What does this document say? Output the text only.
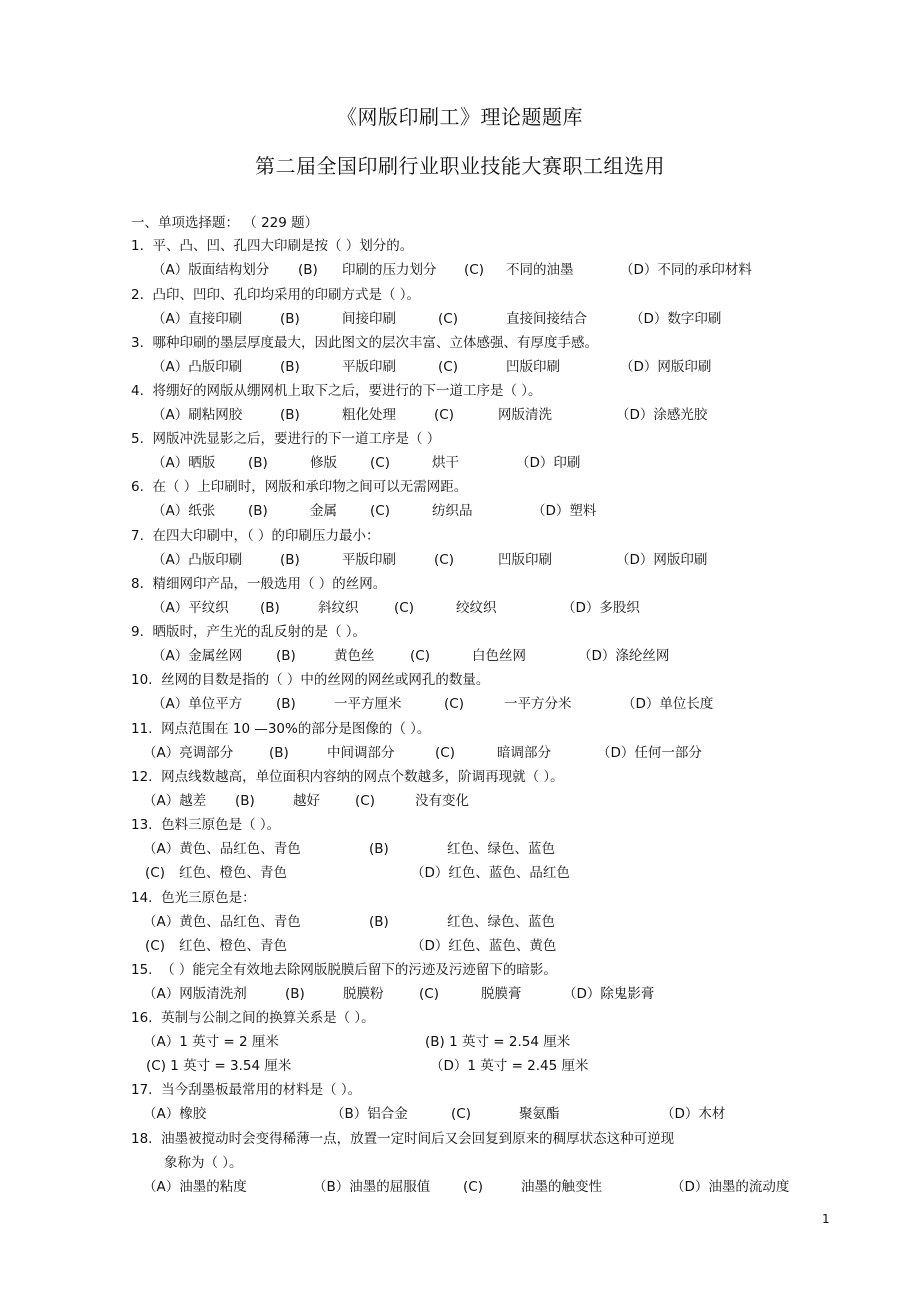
《网版印刷工》理论题题库
第二届全国印刷行业职业技能大赛职工组选用
一、单项选择题： （ 229 题）
1. 平、凸、凹、孔四大印刷是按（ ）划分的。
（A）版面结构划分 (B) 印刷的压力划分 (C) 不同的油墨	（D）不同的承印材料
2. 凸印、凹印、孔印均采用的印刷方式是（ ）。
（A）直接印刷	(B)	间接印刷	(C)	直接间接结合	（D）数字印刷
3. 哪种印刷的墨层厚度最大，因此图文的层次丰富、立体感强、有厚度手感。
（A）凸版印刷	(B)	平版印刷	(C)	凹版印刷	（D）网版印刷
4. 将绷好的网版从绷网机上取下之后，要进行的下一道工序是（ ）。
（A）刷粘网胶	(B)	粗化处理	(C)	网版清洗	（D）涂感光胶
5. 网版冲洗显影之后，要进行的下一道工序是（ ）
（A）晒版 (B)	修版 (C)	烘干	（D）印刷
6. 在（ ）上印刷时，网版和承印物之间可以无需网距。
（A）纸张 (B)	金属 (C)	纺织品	（D）塑料
7. 在四大印刷中，（ ）的印刷压力最小：
（A）凸版印刷	(B)	平版印刷	(C)	凹版印刷	（D）网版印刷
8. 精细网印产品，一般选用（ ）的丝网。
（A）平纹织 (B)	斜纹织	(C)	绞纹织	（D）多股织
9. 晒版时，产生光的乱反射的是（ ）。
（A）金属丝网	(B)	黄色丝	(C)	白色丝网	（D）涤纶丝网
10. 丝网的目数是指的（ ）中的丝网的网丝或网孔的数量。
（A）单位平方	(B)	一平方厘米	(C)	一平方分米	（D）单位长度
11. 网点范围在 10 —30%的部分是图像的（ ）。
（A）亮调部分	(B)	中间调部分	(C)	暗调部分	（D）任何一部分
12. 网点线数越高，单位面积内容纳的网点个数越多，阶调再现就（ ）。
（A）越差 (B)	越好	(C)	没有变化
13. 色料三原色是（ ）。
（A）黄色、品红色、青色	(B)	红色、绿色、蓝色
(C) 红色、橙色、青色	（D）红色、蓝色、品红色
14. 色光三原色是：
（A）黄色、品红色、青色	(B)	红色、绿色、蓝色
(C) 红色、橙色、青色	（D）红色、蓝色、黄色
15. （ ）能完全有效地去除网版脱膜后留下的污迹及污迹留下的暗影。
（A）网版清洗剂	(B)	脱膜粉	(C)	脱膜膏	（D）除鬼影膏
16. 英制与公制之间的换算关系是（ ）。
（A）1 英寸 = 2 厘米	(B) 1 英寸 = 2.54 厘米
(C) 1 英寸 = 3.54 厘米	（D）1 英寸 = 2.45 厘米
17. 当今刮墨板最常用的材料是（ ）。
（A）橡胶	（B）铝合金	(C)	聚氨酯	（D）木材
18. 油墨被搅动时会变得稀薄一点，放置一定时间后又会回复到原来的稠厚状态这种可逆现
象称为（ ）。
（A）油墨的粘度	（B）油墨的屈服值 (C)	油墨的触变性	（D）油墨的流动度
1
